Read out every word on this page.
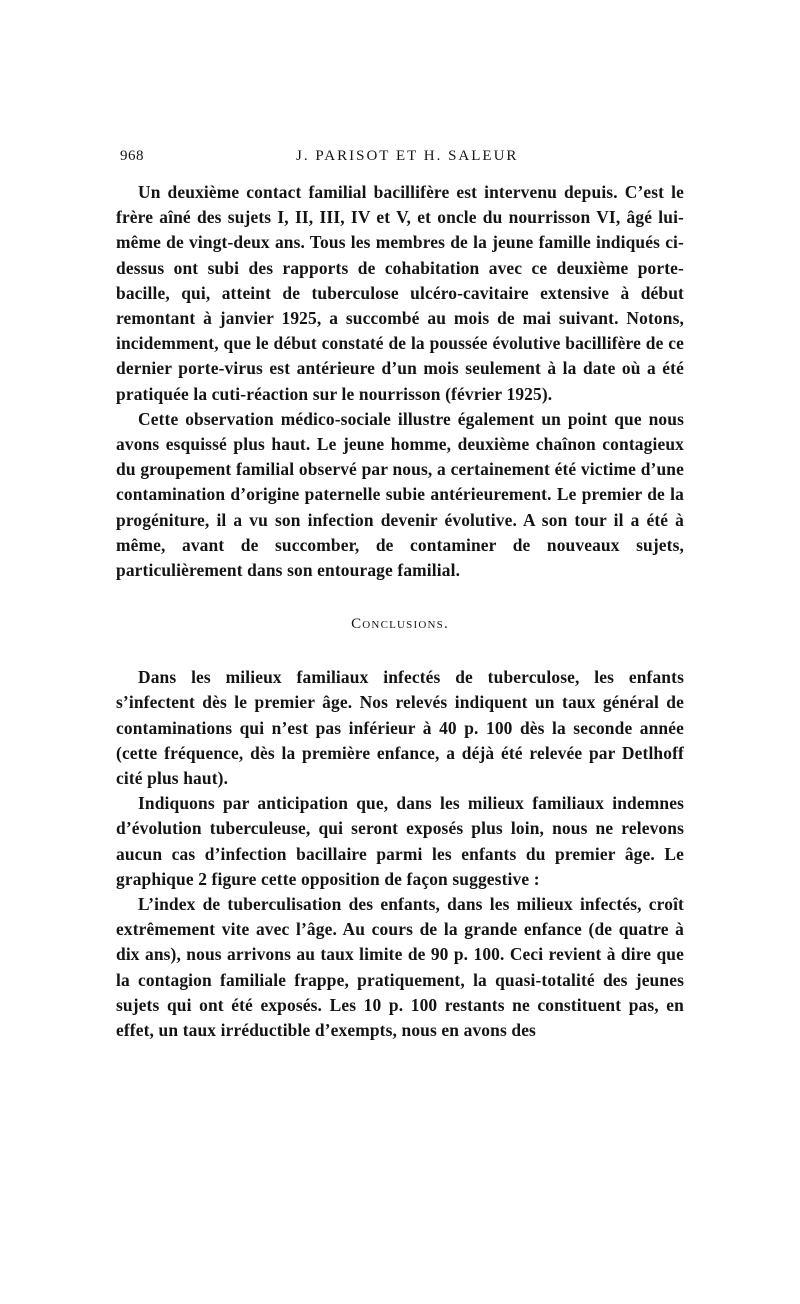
968	J. PARISOT ET H. SALEUR

Un deuxième contact familial bacillifère est intervenu depuis. C’est le frère aîné des sujets I, II, III, IV et V, et oncle du nourrisson VI, âgé lui-même de vingt-deux ans. Tous les membres de la jeune famille indiqués ci-dessus ont subi des rapports de cohabitation avec ce deuxième porte-bacille, qui, atteint de tuberculose ulcéro-cavitaire extensive à début remontant à janvier 1925, a succombé au mois de mai suivant. Notons, incidemment, que le début constaté de la poussée évolutive bacillifère de ce dernier porte-virus est antérieure d’un mois seulement à la date où a été pratiquée la cuti-réaction sur le nourrisson (février 1925).

Cette observation médico-sociale illustre également un point que nous avons esquissé plus haut. Le jeune homme, deuxième chaînon contagieux du groupement familial observé par nous, a certainement été victime d’une contamination d’origine paternelle subie antérieurement. Le premier de la progéniture, il a vu son infection devenir évolutive. A son tour il a été à même, avant de succomber, de contaminer de nouveaux sujets, particulièrement dans son entourage familial.

Conclusions.

Dans les milieux familiaux infectés de tuberculose, les enfants s’infectent dès le premier âge. Nos relevés indiquent un taux général de contaminations qui n’est pas inférieur à 40 p. 100 dès la seconde année (cette fréquence, dès la première enfance, a déjà été relevée par Detlhoff cité plus haut).

Indiquons par anticipation que, dans les milieux familiaux indemnes d’évolution tuberculeuse, qui seront exposés plus loin, nous ne relevons aucun cas d’infection bacillaire parmi les enfants du premier âge. Le graphique 2 figure cette opposition de façon suggestive :

L’index de tuberculisation des enfants, dans les milieux infectés, croît extrêmement vite avec l’âge. Au cours de la grande enfance (de quatre à dix ans), nous arrivons au taux limite de 90 p. 100. Ceci revient à dire que la contagion familiale frappe, pratiquement, la quasi-totalité des jeunes sujets qui ont été exposés. Les 10 p. 100 restants ne constituent pas, en effet, un taux irréductible d’exempts, nous en avons des
